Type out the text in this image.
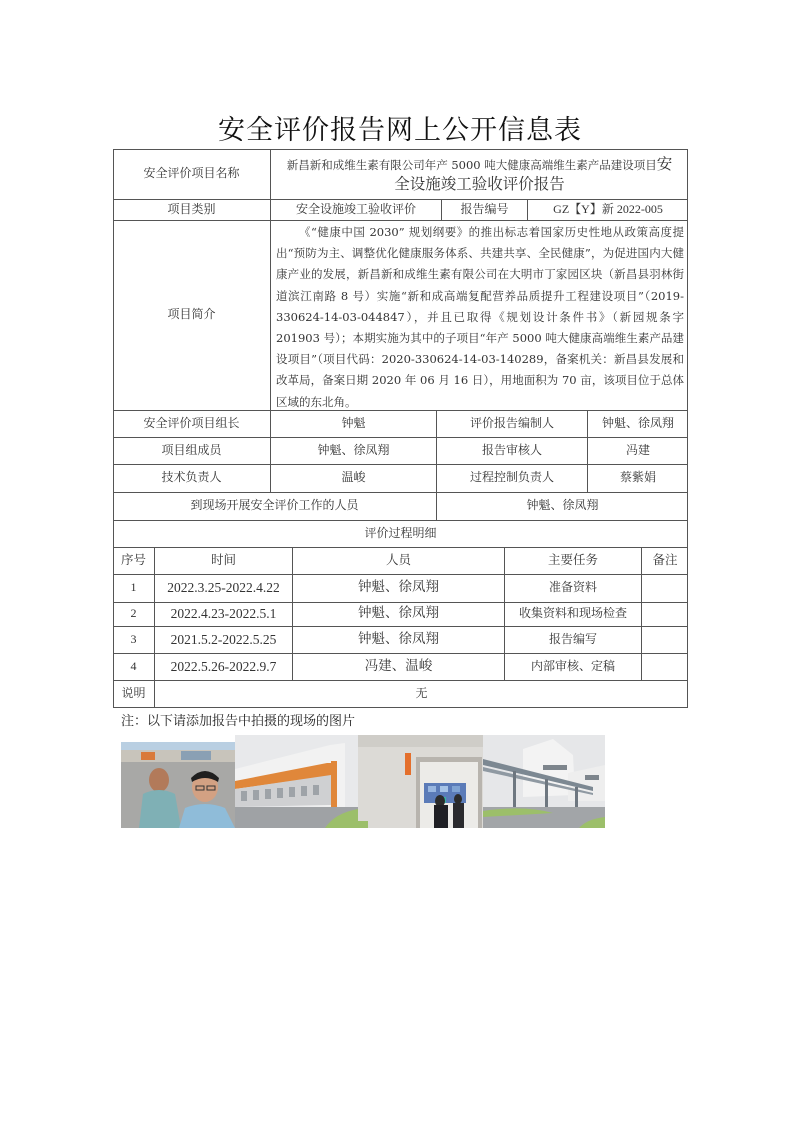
安全评价报告网上公开信息表
安全评价项目名称
新昌新和成维生素有限公司年产 5000 吨大健康高端维生素产品建设项目安
全设施竣工验收评价报告
项目类别	安全设施竣工验收评价	报告编号	GZ【Y】新 2022-005
项目简介
《“健康中国 2030” 规划纲要》的推出标志着国家历史性地从政策高度提出“预防为主、调整优化健康服务体系、共建共享、全民健康”，为促进国内大健康产业的发展，新昌新和成维生素有限公司在大明市丁家园区块（新昌县羽林街道滨江南路 8 号）实施“新和成高端复配营养品质提升工程建设项目”（2019-330624-14-03-044847），并且已取得《规划设计条件书》（新园规条字 201903 号）；本期实施为其中的子项目“年产 5000 吨大健康高端维生素产品建设项目”（项目代码：2020-330624-14-03-140289，备案机关：新昌县发展和改革局，备案日期 2020 年 06 月 16 日），用地面积为 70 亩，该项目位于总体区域的东北角。
安全评价项目组长	钟魁	评价报告编制人	钟魁、徐凤翔
项目组成员	钟魁、徐凤翔	报告审核人	冯建
技术负责人	温峻	过程控制负责人	蔡紫娟
到现场开展安全评价工作的人员	钟魁、徐凤翔
评价过程明细
序号	时间	人员	主要任务	备注
1	2022.3.25-2022.4.22	钟魁、徐凤翔	准备资料
2	2022.4.23-2022.5.1	钟魁、徐凤翔	收集资料和现场检查
3	2021.5.2-2022.5.25	钟魁、徐凤翔	报告编写
4	2022.5.26-2022.9.7	冯建、温峻	内部审核、定稿
说明	无
注：以下请添加报告中拍摄的现场的图片
